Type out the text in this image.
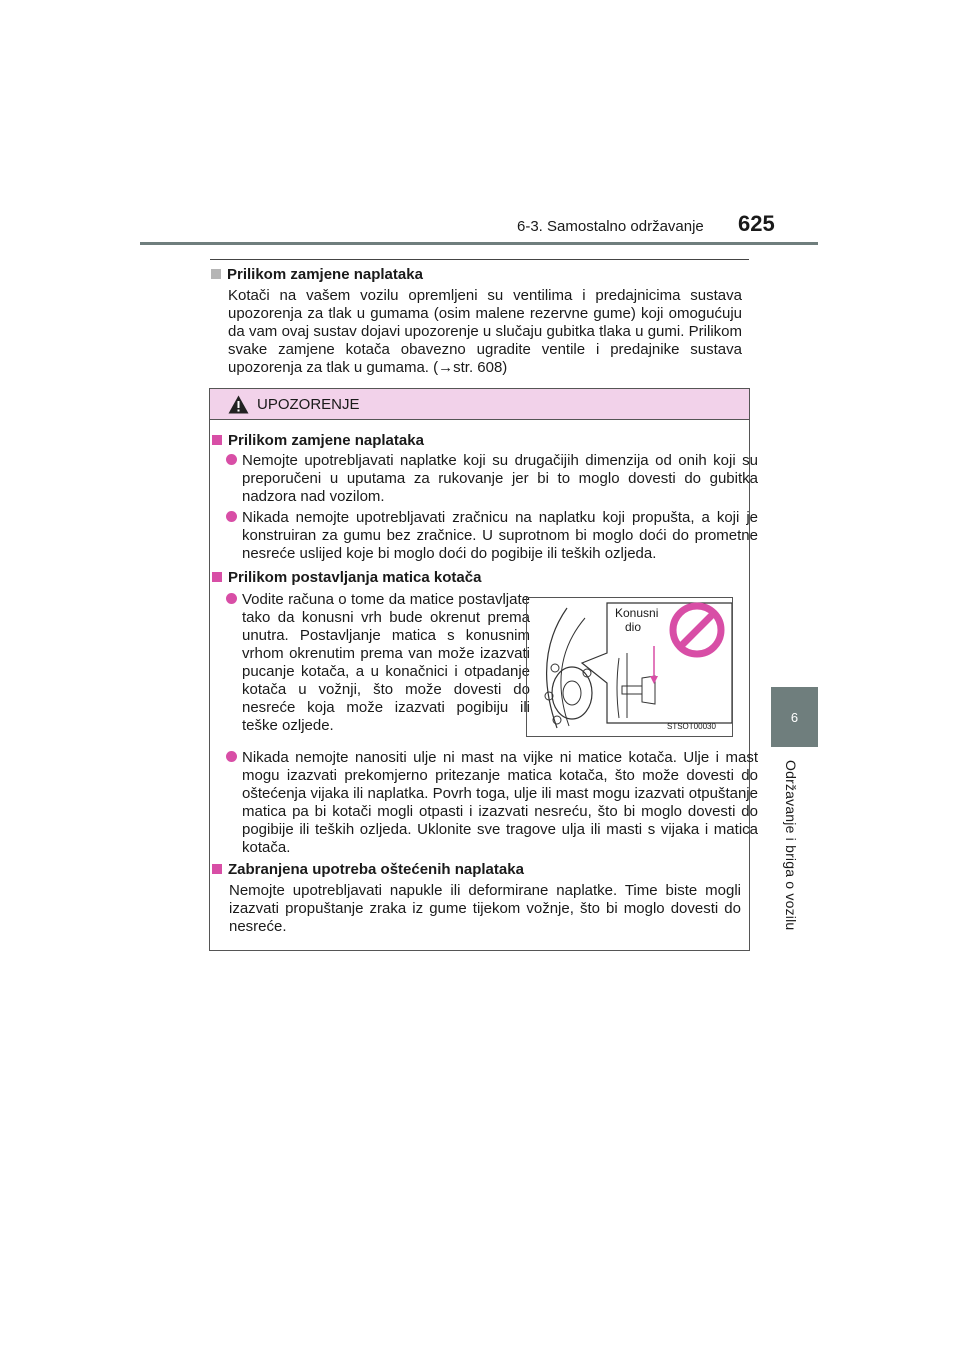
6-3. Samostalno održavanje 625
6
Održavanje i briga o vozilu
Prilikom zamjene naplataka
Kotači na vašem vozilu opremljeni su ventilima i predajnicima sustava upozorenja za tlak u gumama (osim malene rezervne gume) koji omogućuju da vam ovaj sustav dojavi upozorenje u slučaju gubitka tlaka u gumi. Prilikom svake zamjene kotača obavezno ugradite ventile i predajnike sustava upozorenja za tlak u gumama. (→str. 608)
UPOZORENJE
Prilikom zamjene naplataka
Nemojte upotrebljavati naplatke koji su drugačijih dimenzija od onih koji su preporučeni u uputama za rukovanje jer bi to moglo dovesti do gubitka nadzora nad vozilom.
Nikada nemojte upotrebljavati zračnicu na naplatku koji propušta, a koji je konstruiran za gumu bez zračnice. U suprotnom bi moglo doći do prometne nesreće uslijed koje bi moglo doći do pogibije ili teških ozljeda.
Prilikom postavljanja matica kotača
Vodite računa o tome da matice postavljate tako da konusni vrh bude okrenut prema unutra. Postavljanje matica s konusnim vrhom okrenutim prema van može izazvati pucanje kotača, a u konačnici i otpadanje kotača u vožnji, što može dovesti do nesreće koja može izazvati pogibiju ili teške ozljede.
Konusni
dio
STSOT00030
Nikada nemojte nanositi ulje ni mast na vijke ni matice kotača. Ulje i mast mogu izazvati prekomjerno pritezanje matica kotača, što može dovesti do oštećenja vijaka ili naplatka. Povrh toga, ulje ili mast mogu izazvati otpuštanje matica pa bi kotači mogli otpasti i izazvati nesreću, što bi moglo dovesti do pogibije ili teških ozljeda. Uklonite sve tragove ulja ili masti s vijaka i matica kotača.
Zabranjena upotreba oštećenih naplataka
Nemojte upotrebljavati napukle ili deformirane naplatke. Time biste mogli izazvati propuštanje zraka iz gume tijekom vožnje, što bi moglo dovesti do nesreće.
